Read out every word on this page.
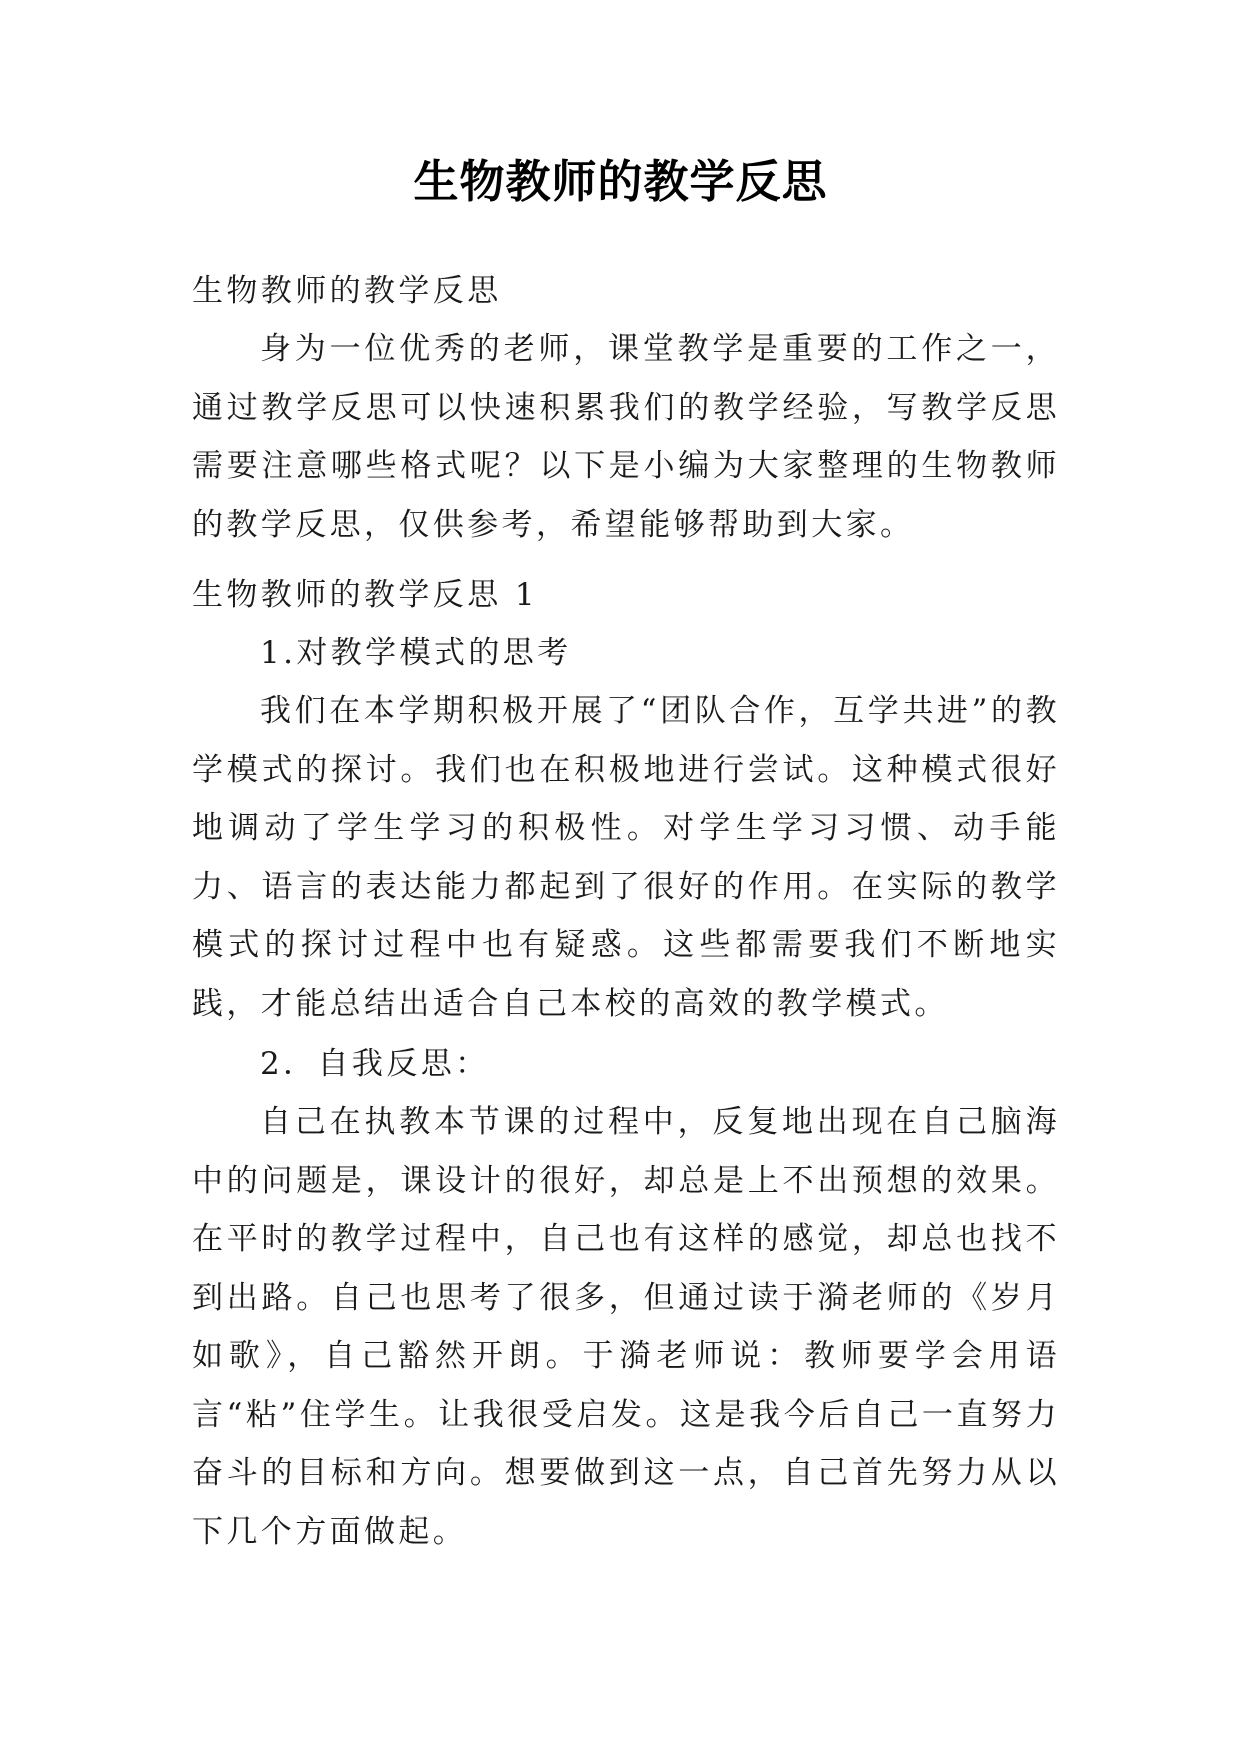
生物教师的教学反思

生物教师的教学反思

身为一位优秀的老师，课堂教学是重要的工作之一，通过教学反思可以快速积累我们的教学经验，写教学反思需要注意哪些格式呢？以下是小编为大家整理的生物教师的教学反思，仅供参考，希望能够帮助到大家。

生物教师的教学反思 1

1.对教学模式的思考

我们在本学期积极开展了“团队合作，互学共进”的教学模式的探讨。我们也在积极地进行尝试。这种模式很好地调动了学生学习的积极性。对学生学习习惯、动手能力、语言的表达能力都起到了很好的作用。在实际的教学模式的探讨过程中也有疑惑。这些都需要我们不断地实践，才能总结出适合自己本校的高效的教学模式。

2．自我反思：

自己在执教本节课的过程中，反复地出现在自己脑海中的问题是，课设计的很好，却总是上不出预想的效果。在平时的教学过程中，自己也有这样的感觉，却总也找不到出路。自己也思考了很多，但通过读于漪老师的《岁月如歌》，自己豁然开朗。于漪老师说：教师要学会用语言“粘”住学生。让我很受启发。这是我今后自己一直努力奋斗的目标和方向。想要做到这一点，自己首先努力从以下几个方面做起。
